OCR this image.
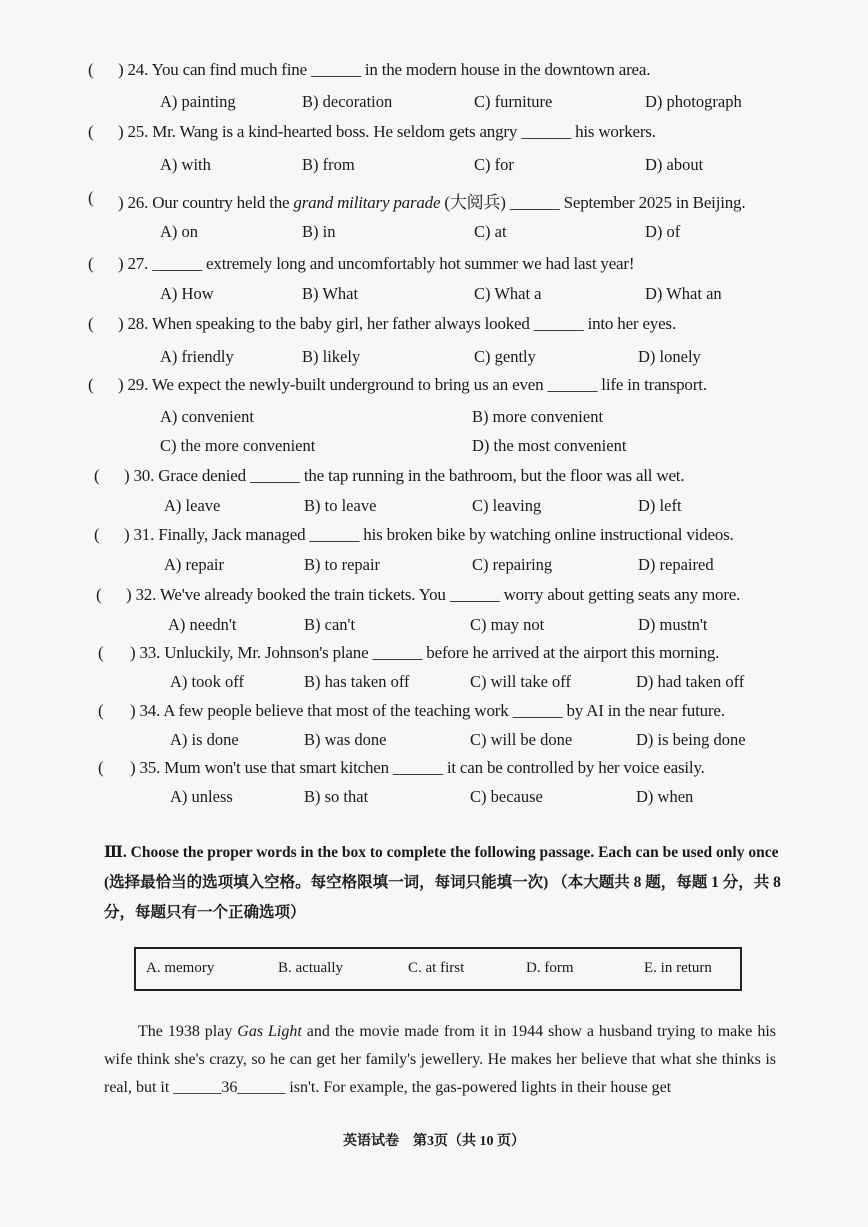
( ) 24. You can find much fine ______ in the modern house in the downtown area.
A) painting	B) decoration	C) furniture	D) photograph
( ) 25. Mr. Wang is a kind-hearted boss. He seldom gets angry ______ his workers.
A) with	B) from	C) for	D) about
( ) 26. Our country held the grand military parade (大阅兵) ______ September 2025 in Beijing.
A) on	B) in	C) at	D) of
( ) 27. ______ extremely long and uncomfortably hot summer we had last year!
A) How	B) What	C) What a	D) What an
( ) 28. When speaking to the baby girl, her father always looked ______ into her eyes.
A) friendly	B) likely	C) gently	D) lonely
( ) 29. We expect the newly-built underground to bring us an even ______ life in transport.
A) convenient	B) more convenient
C) the more convenient	D) the most convenient
( ) 30. Grace denied ______ the tap running in the bathroom, but the floor was all wet.
A) leave	B) to leave	C) leaving	D) left
( ) 31. Finally, Jack managed ______ his broken bike by watching online instructional videos.
A) repair	B) to repair	C) repairing	D) repaired
( ) 32. We've already booked the train tickets. You ______ worry about getting seats any more.
A) needn't	B) can't	C) may not	D) mustn't
( ) 33. Unluckily, Mr. Johnson's plane ______ before he arrived at the airport this morning.
A) took off	B) has taken off	C) will take off	D) had taken off
( ) 34. A few people believe that most of the teaching work ______ by AI in the near future.
A) is done	B) was done	C) will be done	D) is being done
( ) 35. Mum won't use that smart kitchen ______ it can be controlled by her voice easily.
A) unless	B) so that	C) because	D) when
Ⅲ. Choose the proper words in the box to complete the following passage. Each can be used only once (选择最恰当的选项填入空格。每空格限填一词，每词只能填一次) （本大题共 8 题，每题 1 分，共 8 分，每题只有一个正确选项）
A. memory	B. actually	C. at first	D. form	E. in return
The 1938 play Gas Light and the movie made from it in 1944 show a husband trying to make his wife think she's crazy, so he can get her family's jewellery. He makes her believe that what she thinks is real, but it ______36______ isn't. For example, the gas-powered lights in their house get
英语试卷　第3页（共 10 页）
